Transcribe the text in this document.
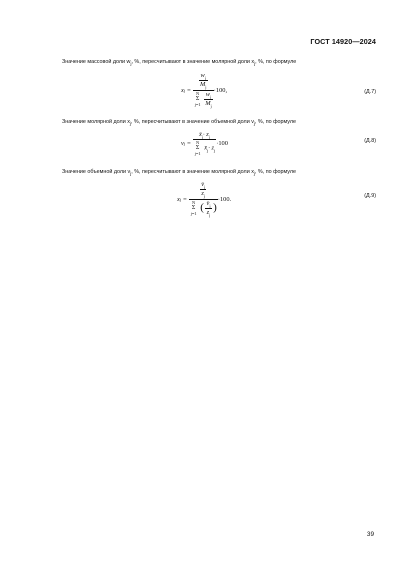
ГОСТ 14920—2024
Значение массовой доли $w_j$, %, пересчитывают в значение молярной доли $x_j$, %, по формуле
x j =
$\frac{w_j}{M_j}$
N
Σ
j=1
$\frac{w_j}{M_j}$
·100,	(Д.7)
Значение молярной доли $x_j$, %, пересчитывают в значение объемной доли $v_j$, %, по формуле
v $j = x̄_j\cdot z_j$
N
Σ
j=1
$x̄_j\cdot z_j \cdot 100$	(Д.8)
Значение объемной доли $v_j$, %, пересчитывают в значение молярной доли $x_j$, %, по формуле
x j =
$\frac{v̄_j}{z_j}$
N
Σ
j=1
( $\frac{v̄_j}{z_j}$ )
·100.	(Д.9)
39
